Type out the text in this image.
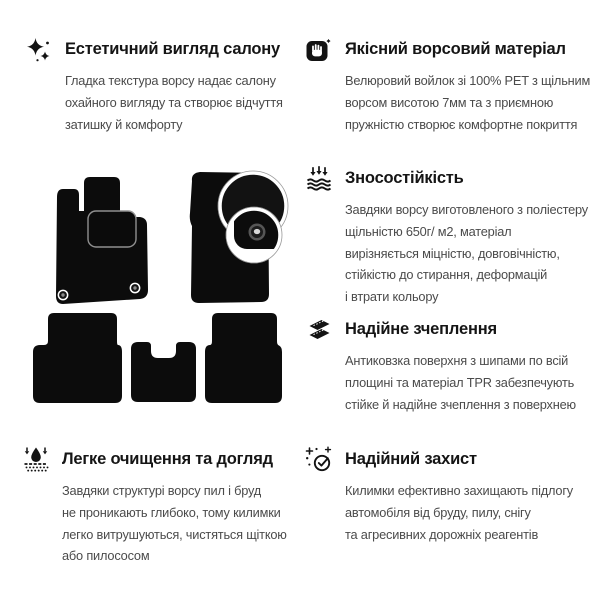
Естетичний вигляд салону
Гладка текстура ворсу надає салону
охайного вигляду та створює відчуття
затишку й комфорту
Якісний ворсовий матеріал
Велюровий войлок зі 100% PET з щільним
ворсом висотою 7мм та з приємною
пружністю створює комфортне покриття
Зносостійкість
Завдяки ворсу виготовленого з поліестеру
щільністю 650г/ м2, матеріал
вирізняється міцністю, довговічністю,
стійкістю до стирання, деформацій
і втрати кольору
Надійне зчеплення
Антиковзка поверхня з шипами по всій
площині та матеріал TPR забезпечують
стійке й надійне зчеплення з поверхнею
Легке очищення та догляд
Завдяки структурі ворсу пил і бруд
не проникають глибоко, тому килимки
легко витрушуються, чистяться щіткою
або пилососом
Надійний захист
Килимки ефективно захищають підлогу
автомобіля від бруду, пилу, снігу
та агресивних дорожніх реагентів
